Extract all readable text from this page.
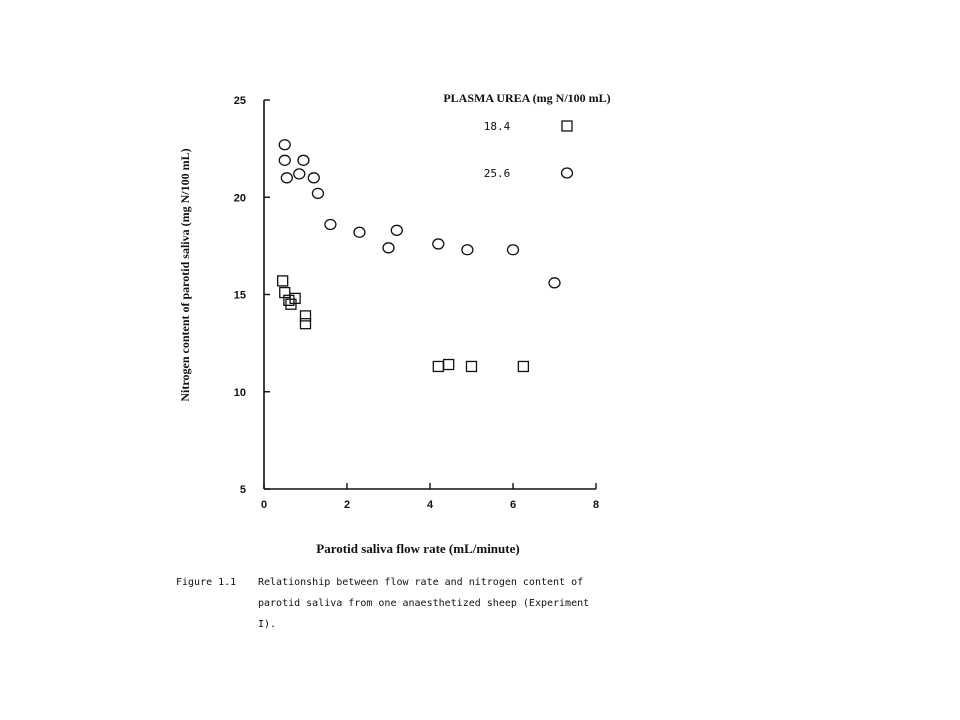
0	2	4	6	8
5
10
15
20
25
18.4
25.6
Parotid saliva flow rate (mL/minute)
Nitrogen content of parotid saliva (mg N/100 mL)
PLASMA UREA (mg N/100 mL)
Figure 1.1	Relationship between flow rate and nitrogen content of
parotid saliva from one anaesthetized sheep (Experiment
I).
